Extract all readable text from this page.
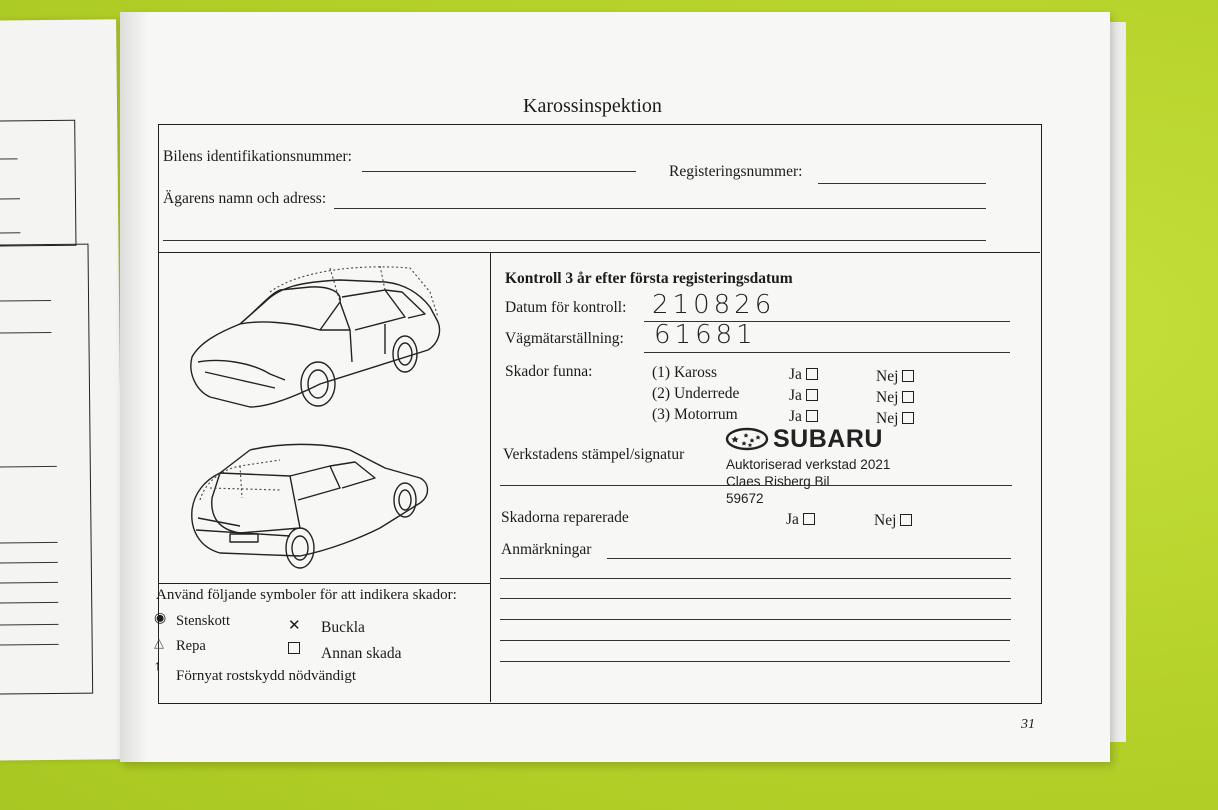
Karossinspektion
Bilens identifikationsnummer:
Registeringsnummer:
Ägarens namn och adress:
Använd följande symboler för att indikera skador:
◉ Stenskott
△ Repa
↑
Förnyat rostskydd nödvändigt
✕ Buckla
Annan skada
Kontroll 3 år efter första registeringsdatum
Datum för kontroll: 210826
Vägmätarställning: 61681
Skador funna:	(1) Kaross	Ja	Nej
(2) Underrede	Ja	Nej
(3) Motorrum	Ja	Nej
Verkstadens stämpel/signatur
SUBARU
Auktoriserad verkstad 2021
Claes Risberg Bil
59672
Skadorna reparerade	Ja	Nej
Anmärkningar
31
